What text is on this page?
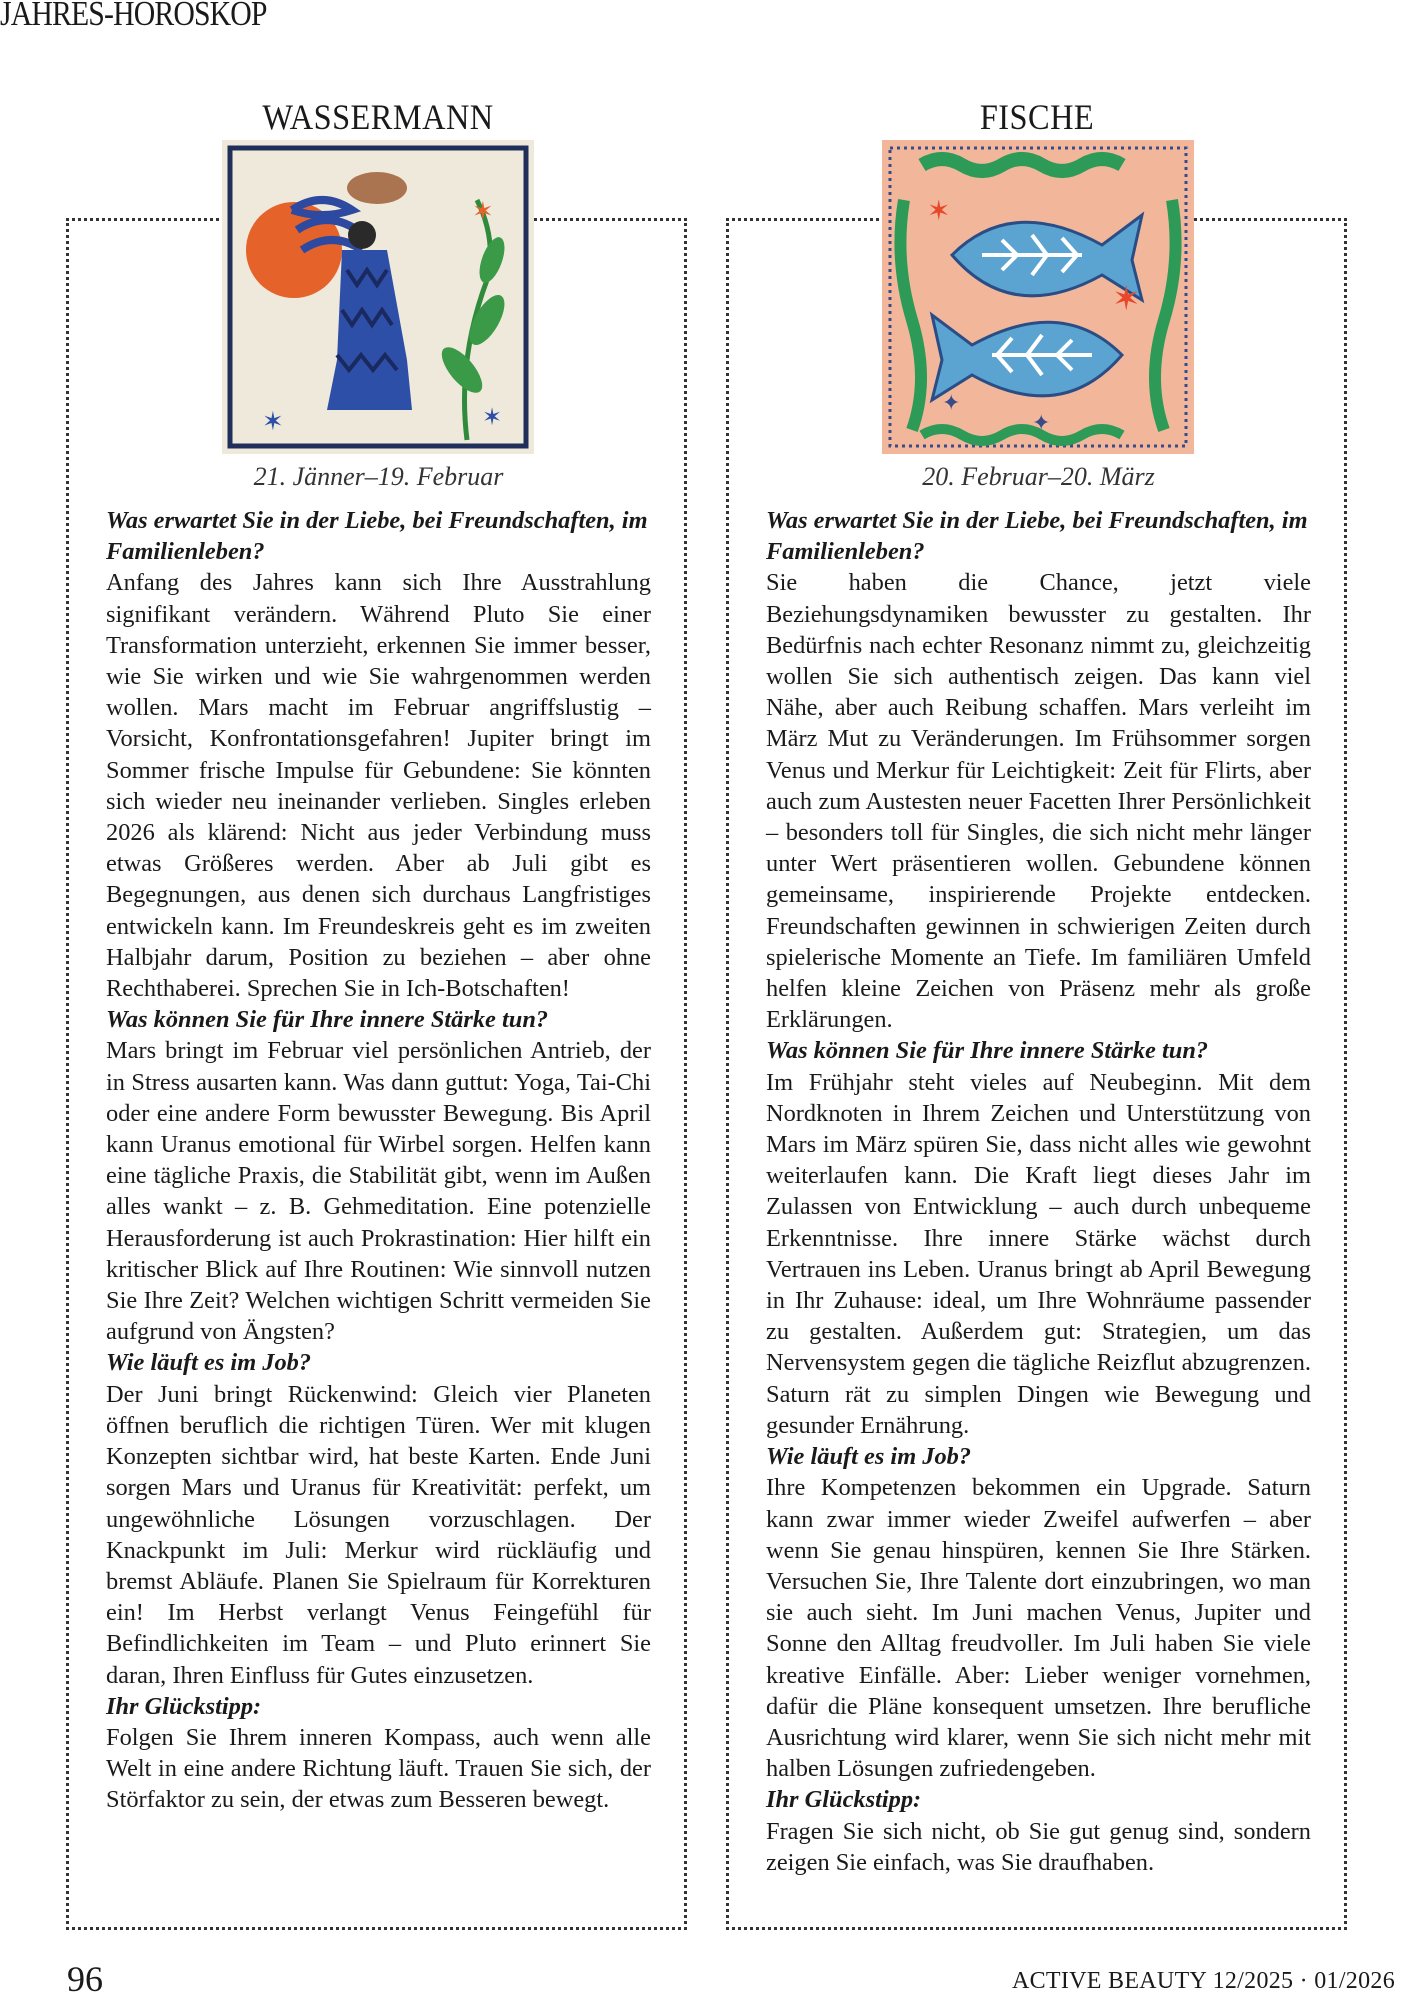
JAHRES-HOROSKOP
WASSERMANN
✶
✶
✶
21. Jänner–19. Februar

Was erwartet Sie in der Liebe, bei Freundschaften, im Familienleben?

Anfang des Jahres kann sich Ihre Ausstrahlung signifikant verändern. Während Pluto Sie einer Transformation unterzieht, erkennen Sie immer besser, wie Sie wirken und wie Sie wahrgenommen werden wollen. Mars macht im Februar angriffslustig – Vorsicht, Konfrontationsgefahren! Jupiter bringt im Sommer frische Impulse für Gebundene: Sie könnten sich wieder neu ineinander verlieben. Singles erleben 2026 als klärend: Nicht aus jeder Verbindung muss etwas Größeres werden. Aber ab Juli gibt es Begegnungen, aus denen sich durchaus Langfristiges entwickeln kann. Im Freundeskreis geht es im zweiten Halbjahr darum, Position zu beziehen – aber ohne Rechthaberei. Sprechen Sie in Ich-Botschaften!

Was können Sie für Ihre innere Stärke tun?

Mars bringt im Februar viel persönlichen Antrieb, der in Stress ausarten kann. Was dann guttut: Yoga, Tai-Chi oder eine andere Form bewusster Bewegung. Bis April kann Uranus emotional für Wirbel sorgen. Helfen kann eine tägliche Praxis, die Stabilität gibt, wenn im Außen alles wankt – z. B. Gehmeditation. Eine potenzielle Herausforderung ist auch Prokrastination: Hier hilft ein kritischer Blick auf Ihre Routinen: Wie sinnvoll nutzen Sie Ihre Zeit? Welchen wichtigen Schritt vermeiden Sie aufgrund von Ängsten?

Wie läuft es im Job?

Der Juni bringt Rückenwind: Gleich vier Planeten öffnen beruflich die richtigen Türen. Wer mit klugen Konzepten sichtbar wird, hat beste Karten. Ende Juni sorgen Mars und Uranus für Kreativität: perfekt, um ungewöhnliche Lösungen vorzuschlagen. Der Knackpunkt im Juli: Merkur wird rückläufig und bremst Abläufe. Planen Sie Spielraum für Korrekturen ein! Im Herbst verlangt Venus Feingefühl für Befindlichkeiten im Team – und Pluto erinnert Sie daran, Ihren Einfluss für Gutes einzusetzen.

Ihr Glückstipp:

Folgen Sie Ihrem inneren Kompass, auch wenn alle Welt in eine andere Richtung läuft. Trauen Sie sich, der Störfaktor zu sein, der etwas zum Besseren bewegt.

FISCHE
✶
✶
✦
✦
20. Februar–20. März

Was erwartet Sie in der Liebe, bei Freundschaften, im Familienleben?

Sie haben die Chance, jetzt viele Beziehungsdynamiken bewusster zu gestalten. Ihr Bedürfnis nach echter Resonanz nimmt zu, gleichzeitig wollen Sie sich authentisch zeigen. Das kann viel Nähe, aber auch Reibung schaffen. Mars verleiht im März Mut zu Veränderungen. Im Frühsommer sorgen Venus und Merkur für Leichtigkeit: Zeit für Flirts, aber auch zum Austesten neuer Facetten Ihrer Persönlichkeit – besonders toll für Singles, die sich nicht mehr länger unter Wert präsentieren wollen. Gebundene können gemeinsame, inspirierende Projekte entdecken. Freundschaften gewinnen in schwierigen Zeiten durch spielerische Momente an Tiefe. Im familiären Umfeld helfen kleine Zeichen von Präsenz mehr als große Erklärungen.

Was können Sie für Ihre innere Stärke tun?

Im Frühjahr steht vieles auf Neubeginn. Mit dem Nordknoten in Ihrem Zeichen und Unterstützung von Mars im März spüren Sie, dass nicht alles wie gewohnt weiterlaufen kann. Die Kraft liegt dieses Jahr im Zulassen von Entwicklung – auch durch unbequeme Erkenntnisse. Ihre innere Stärke wächst durch Vertrauen ins Leben. Uranus bringt ab April Bewegung in Ihr Zuhause: ideal, um Ihre Wohnräume passender zu gestalten. Außerdem gut: Strategien, um das Nervensystem gegen die tägliche Reizflut abzugrenzen. Saturn rät zu simplen Dingen wie Bewegung und gesunder Ernährung.

Wie läuft es im Job?

Ihre Kompetenzen bekommen ein Upgrade. Saturn kann zwar immer wieder Zweifel aufwerfen – aber wenn Sie genau hinspüren, kennen Sie Ihre Stärken. Versuchen Sie, Ihre Talente dort einzubringen, wo man sie auch sieht. Im Juni machen Venus, Jupiter und Sonne den Alltag freudvoller. Im Juli haben Sie viele kreative Einfälle. Aber: Lieber weniger vornehmen, dafür die Pläne konsequent umsetzen. Ihre berufliche Ausrichtung wird klarer, wenn Sie sich nicht mehr mit halben Lösungen zufriedengeben.

Ihr Glückstipp:

Fragen Sie sich nicht, ob Sie gut genug sind, sondern zeigen Sie einfach, was Sie draufhaben.

96	ACTIVE BEAUTY 12/2025 · 01/2026
